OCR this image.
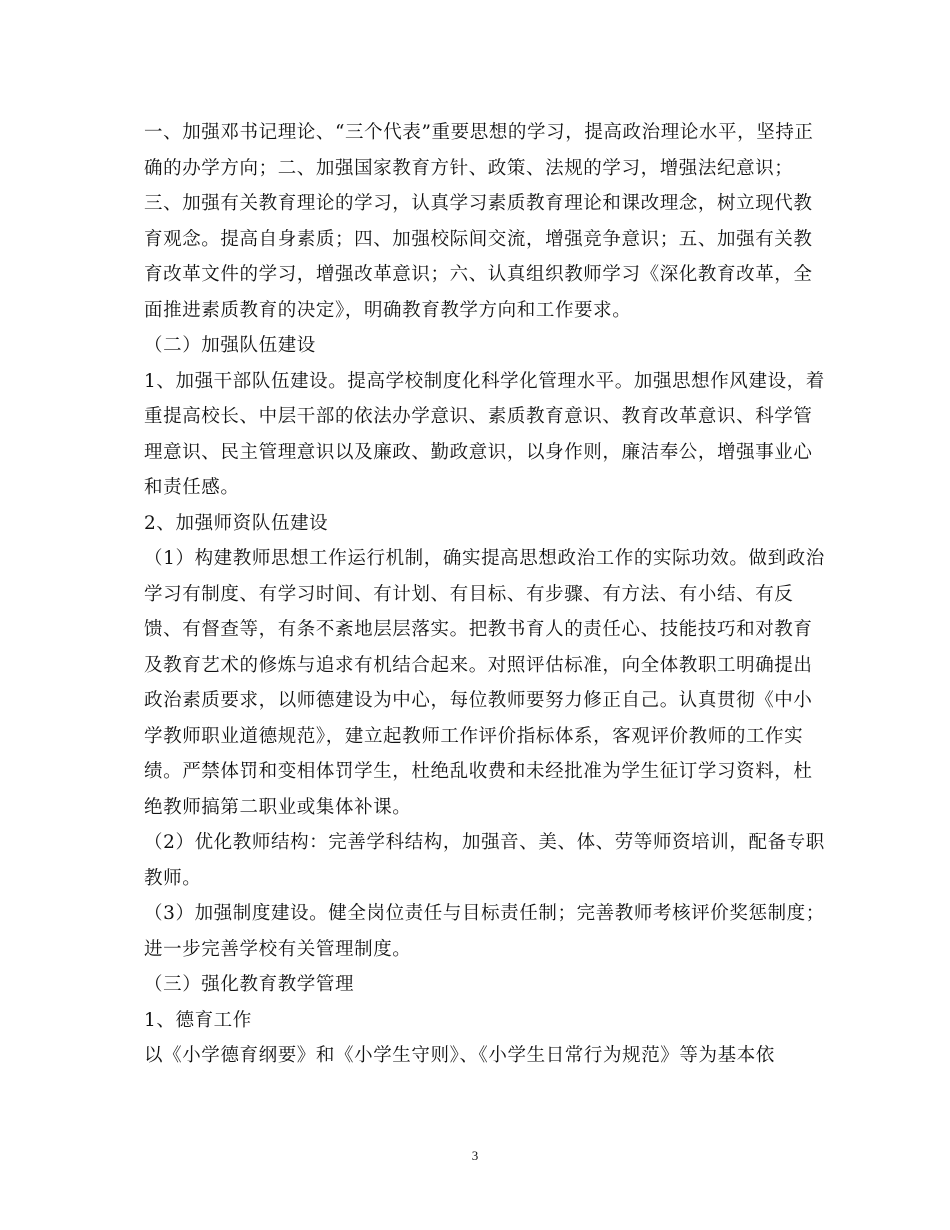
一、加强邓书记理论、“三个代表”重要思想的学习，提高政治理论水平，坚持正
确的办学方向；二、加强国家教育方针、政策、法规的学习，增强法纪意识；
三、加强有关教育理论的学习，认真学习素质教育理论和课改理念，树立现代教
育观念。提高自身素质；四、加强校际间交流，增强竞争意识；五、加强有关教
育改革文件的学习，增强改革意识；六、认真组织教师学习《深化教育改革，全
面推进素质教育的决定》，明确教育教学方向和工作要求。
（二）加强队伍建设
1、加强干部队伍建设。提高学校制度化科学化管理水平。加强思想作风建设，着
重提高校长、中层干部的依法办学意识、素质教育意识、教育改革意识、科学管
理意识、民主管理意识以及廉政、勤政意识，以身作则，廉洁奉公，增强事业心
和责任感。
2、加强师资队伍建设
（1）构建教师思想工作运行机制，确实提高思想政治工作的实际功效。做到政治
学习有制度、有学习时间、有计划、有目标、有步骤、有方法、有小结、有反
馈、有督查等，有条不紊地层层落实。把教书育人的责任心、技能技巧和对教育
及教育艺术的修炼与追求有机结合起来。对照评估标准，向全体教职工明确提出
政治素质要求，以师德建设为中心，每位教师要努力修正自己。认真贯彻《中小
学教师职业道德规范》，建立起教师工作评价指标体系，客观评价教师的工作实
绩。严禁体罚和变相体罚学生，杜绝乱收费和未经批准为学生征订学习资料，杜
绝教师搞第二职业或集体补课。
（2）优化教师结构：完善学科结构，加强音、美、体、劳等师资培训，配备专职
教师。
（3）加强制度建设。健全岗位责任与目标责任制；完善教师考核评价奖惩制度；
进一步完善学校有关管理制度。
（三）强化教育教学管理
1、德育工作
以《小学德育纲要》和《小学生守则》、《小学生日常行为规范》等为基本依
3
